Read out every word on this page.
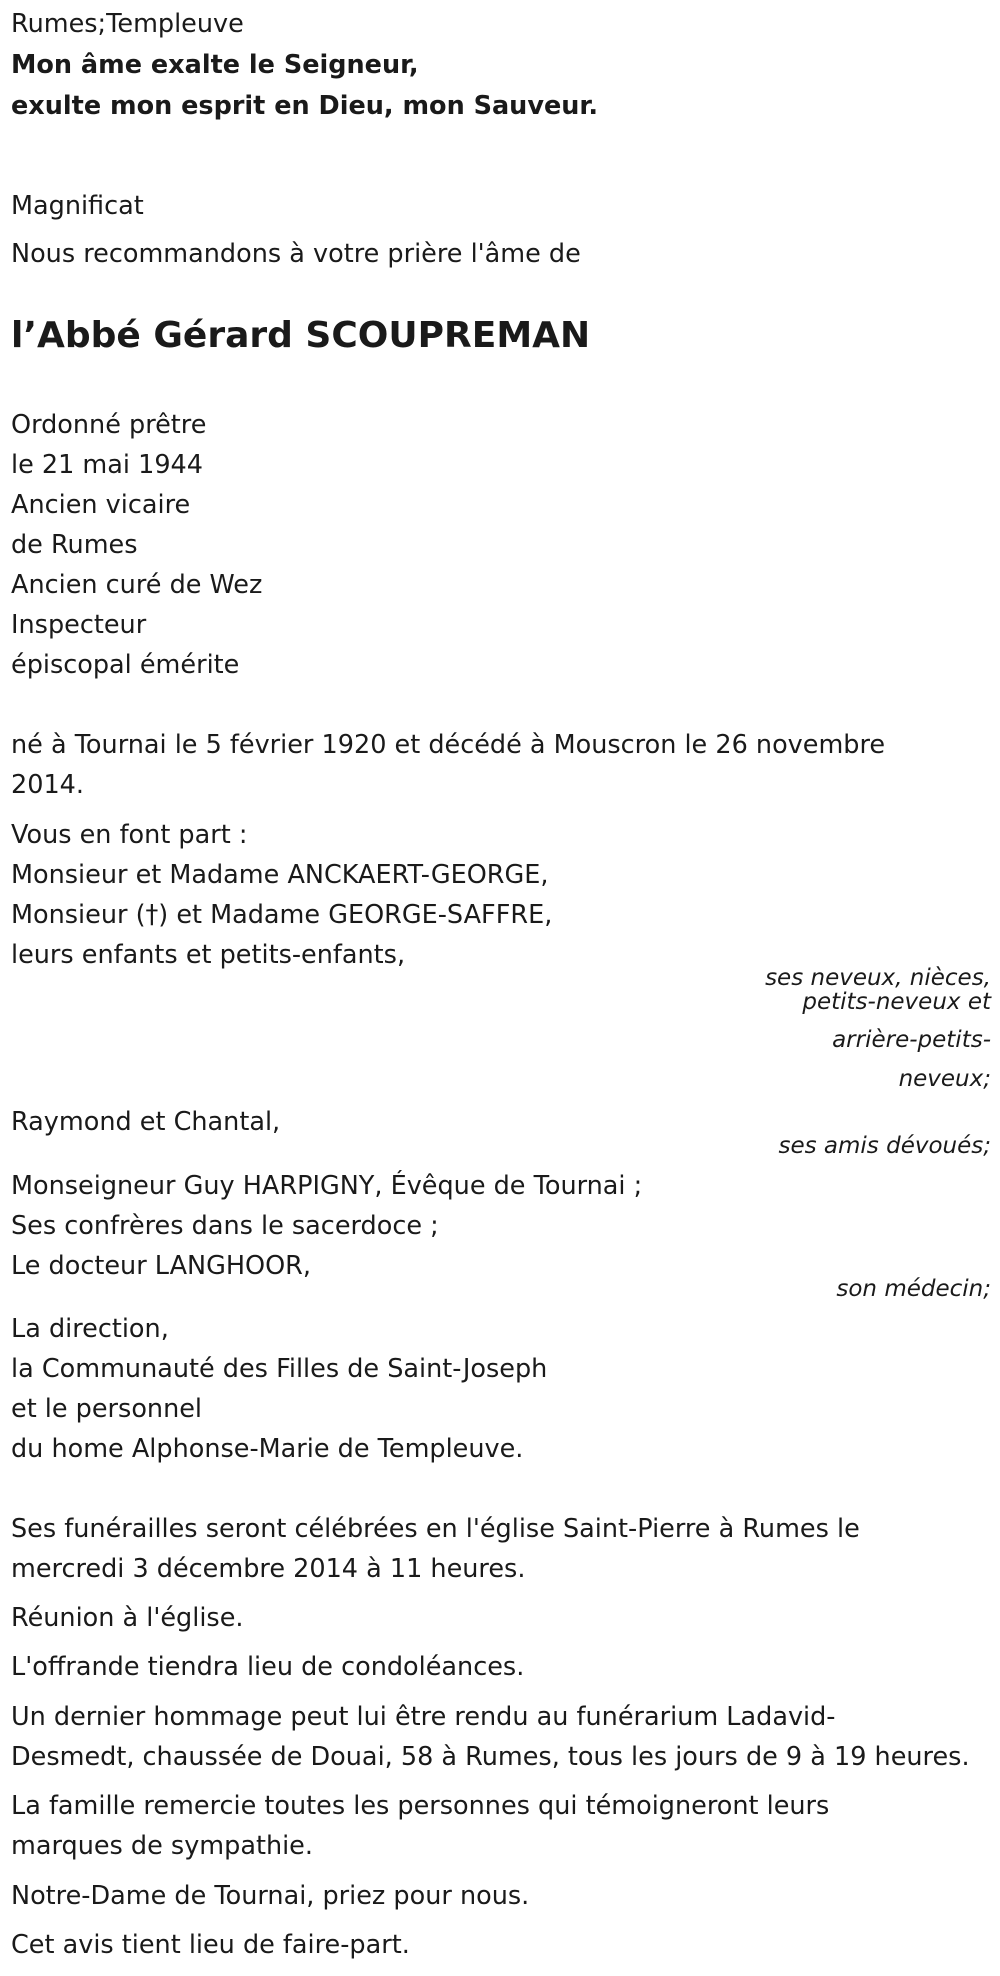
Rumes;Templeuve
Mon âme exalte le Seigneur,
exulte mon esprit en Dieu, mon Sauveur.
Magnificat
Nous recommandons à votre prière l'âme de
l’Abbé Gérard SCOUPREMAN
Ordonné prêtre
le 21 mai 1944
Ancien vicaire
de Rumes
Ancien curé de Wez
Inspecteur
épiscopal émérite
né à Tournai le 5 février 1920 et décédé à Mouscron le 26 novembre
2014.
Vous en font part :
Monsieur et Madame ANCKAERT-GEORGE,
Monsieur (†) et Madame GEORGE-SAFFRE,
leurs enfants et petits-enfants,
ses neveux, nièces,
petits-neveux et
arrière-petits-
neveux;
Raymond et Chantal,
ses amis dévoués;
Monseigneur Guy HARPIGNY, Évêque de Tournai ;
Ses confrères dans le sacerdoce ;
Le docteur LANGHOOR,
son médecin;
La direction,
la Communauté des Filles de Saint-Joseph
et le personnel
du home Alphonse-Marie de Templeuve.
Ses funérailles seront célébrées en l'église Saint-Pierre à Rumes le
mercredi 3 décembre 2014 à 11 heures.
Réunion à l'église.
L'offrande tiendra lieu de condoléances.
Un dernier hommage peut lui être rendu au funérarium Ladavid-
Desmedt, chaussée de Douai, 58 à Rumes, tous les jours de 9 à 19 heures.
La famille remercie toutes les personnes qui témoigneront leurs
marques de sympathie.
Notre-Dame de Tournai, priez pour nous.
Cet avis tient lieu de faire-part.
